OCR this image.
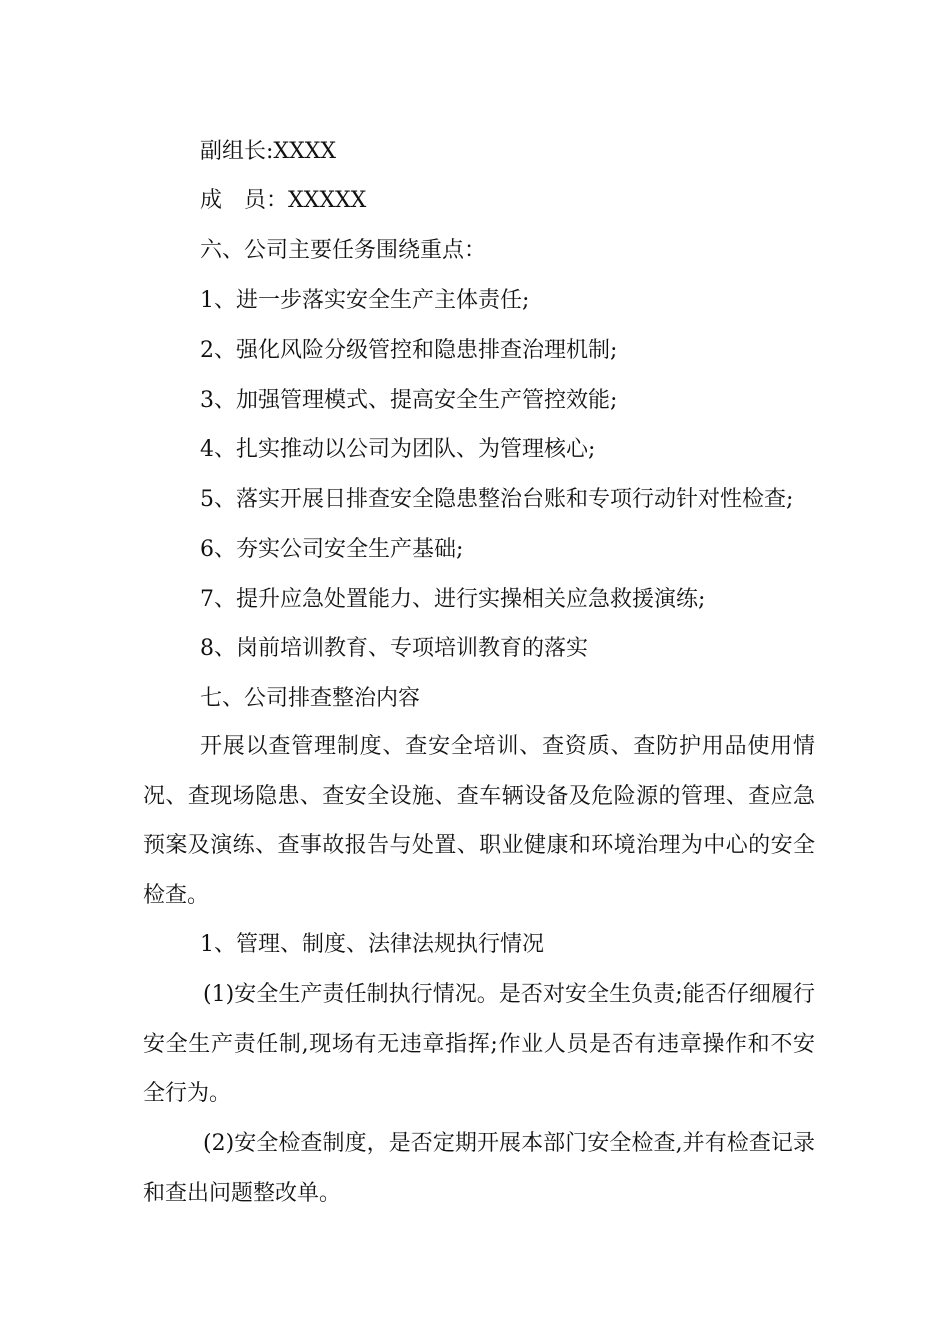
副组长:XXXX
成　员：XXXXX
六、公司主要任务围绕重点：
1、进一步落实安全生产主体责任;
2、强化风险分级管控和隐患排查治理机制;
3、加强管理模式、提高安全生产管控效能;
4、扎实推动以公司为团队、为管理核心;
5、落实开展日排查安全隐患整治台账和专项行动针对性检查;
6、夯实公司安全生产基础;
7、提升应急处置能力、进行实操相关应急救援演练;
8、岗前培训教育、专项培训教育的落实
七、公司排查整治内容

开展以查管理制度、查安全培训、查资质、查防护用品使用情况、查现场隐患、查安全设施、查车辆设备及危险源的管理、查应急预案及演练、查事故报告与处置、职业健康和环境治理为中心的安全检查。

1、管理、制度、法律法规执行情况

(1)安全生产责任制执行情况。是否对安全生负责;能否仔细履行安全生产责任制,现场有无违章指挥;作业人员是否有违章操作和不安全行为。

(2)安全检查制度，是否定期开展本部门安全检查,并有检查记录和查出问题整改单。
